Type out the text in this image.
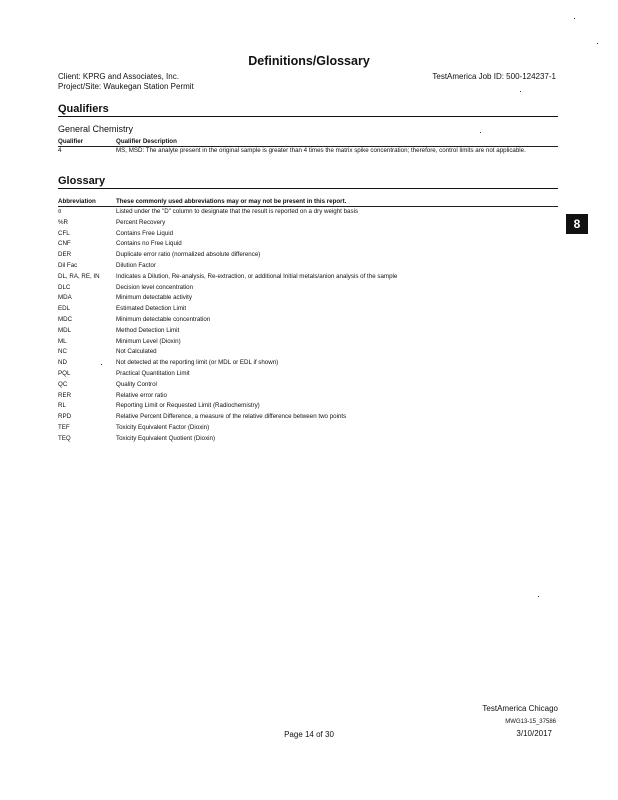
Definitions/Glossary
Client: KPRG and Associates, Inc.
Project/Site: Waukegan Station Permit
TestAmerica Job ID: 500-124237-1
Qualifiers
General Chemistry
Qualifier	Qualifier Description
4	MS, MSD: The analyte present in the original sample is greater than 4 times the matrix spike concentration; therefore, control limits are not applicable.
Glossary
Abbreviation	These commonly used abbreviations may or may not be present in this report.
¤	Listed under the "D" column to designate that the result is reported on a dry weight basis
%R	Percent Recovery
CFL	Contains Free Liquid
CNF	Contains no Free Liquid
DER	Duplicate error ratio (normalized absolute difference)
Dil Fac	Dilution Factor
DL, RA, RE, IN	Indicates a Dilution, Re-analysis, Re-extraction, or additional Initial metals/anion analysis of the sample
DLC	Decision level concentration
MDA	Minimum detectable activity
EDL	Estimated Detection Limit
MDC	Minimum detectable concentration
MDL	Method Detection Limit
ML	Minimum Level (Dioxin)
NC	Not Calculated
ND	Not detected at the reporting limit (or MDL or EDL if shown)
PQL	Practical Quantitation Limit
QC	Quality Control
RER	Relative error ratio
RL	Reporting Limit or Requested Limit (Radiochemistry)
RPD	Relative Percent Difference, a measure of the relative difference between two points
TEF	Toxicity Equivalent Factor (Dioxin)
TEQ	Toxicity Equivalent Quotient (Dioxin)
8
TestAmerica Chicago
MWG13-15_37586
Page 14 of 30	3/10/2017
